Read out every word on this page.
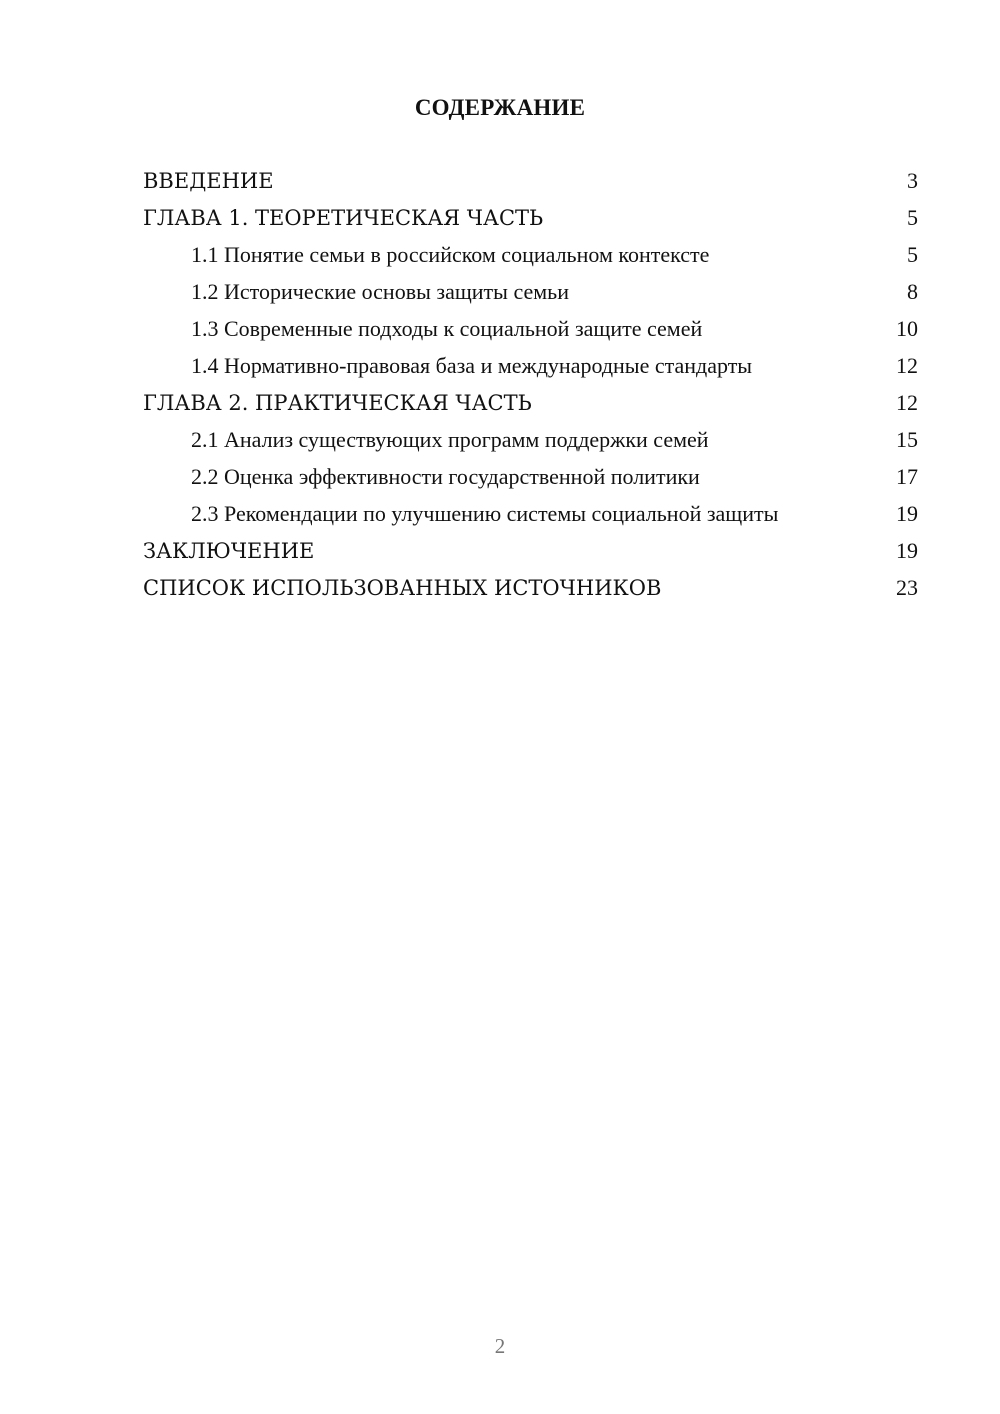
СОДЕРЖАНИЕ
ВВЕДЕНИЕ	3
ГЛАВА 1. ТЕОРЕТИЧЕСКАЯ ЧАСТЬ	5
1.1 Понятие семьи в российском социальном контексте	5
1.2 Исторические основы защиты семьи	8
1.3 Современные подходы к социальной защите семей	10
1.4 Нормативно-правовая база и международные стандарты	12
ГЛАВА 2. ПРАКТИЧЕСКАЯ ЧАСТЬ	12
2.1 Анализ существующих программ поддержки семей	15
2.2 Оценка эффективности государственной политики	17
2.3 Рекомендации по улучшению системы социальной защиты	19
ЗАКЛЮЧЕНИЕ	19
СПИСОК ИСПОЛЬЗОВАННЫХ ИСТОЧНИКОВ	23
2
